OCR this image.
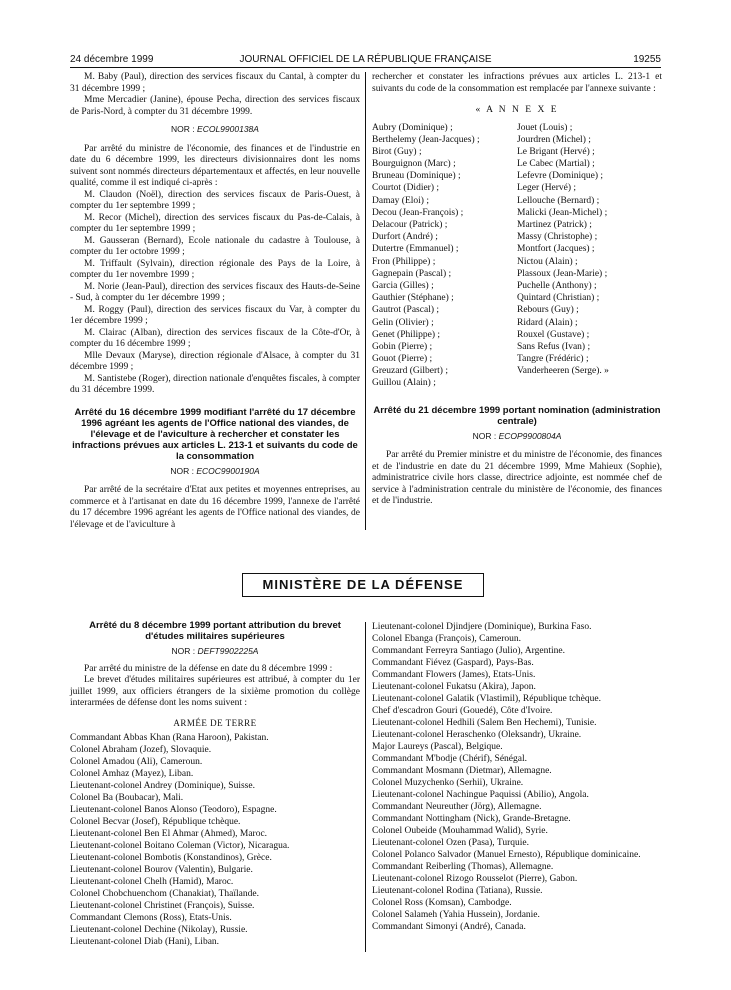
24 décembre 1999	JOURNAL OFFICIEL DE LA RÉPUBLIQUE FRANÇAISE	19255

M. Baby (Paul), direction des services fiscaux du Cantal, à compter du 31 décembre 1999 ;

Mme Mercadier (Janine), épouse Pecha, direction des services fiscaux de Paris-Nord, à compter du 31 décembre 1999.

NOR : ECOL9900138A

Par arrêté du ministre de l'économie, des finances et de l'industrie en date du 6 décembre 1999, les directeurs divisionnaires dont les noms suivent sont nommés directeurs départementaux et affectés, en leur nouvelle qualité, comme il est indiqué ci-après :

M. Claudon (Noël), direction des services fiscaux de Paris-Ouest, à compter du 1er septembre 1999 ;

M. Recor (Michel), direction des services fiscaux du Pas-de-Calais, à compter du 1er septembre 1999 ;

M. Gausseran (Bernard), Ecole nationale du cadastre à Toulouse, à compter du 1er octobre 1999 ;

M. Triffault (Sylvain), direction régionale des Pays de la Loire, à compter du 1er novembre 1999 ;

M. Norie (Jean-Paul), direction des services fiscaux des Hauts-de-Seine - Sud, à compter du 1er décembre 1999 ;

M. Roggy (Paul), direction des services fiscaux du Var, à compter du 1er décembre 1999 ;

M. Clairac (Alban), direction des services fiscaux de la Côte-d'Or, à compter du 16 décembre 1999 ;

Mlle Devaux (Maryse), direction régionale d'Alsace, à compter du 31 décembre 1999 ;

M. Santistebe (Roger), direction nationale d'enquêtes fiscales, à compter du 31 décembre 1999.

Arrêté du 16 décembre 1999 modifiant l'arrêté du 17 décembre 1996 agréant les agents de l'Office national des viandes, de l'élevage et de l'aviculture à rechercher et constater les infractions prévues aux articles L. 213-1 et suivants du code de la consommation
NOR : ECOC9900190A

Par arrêté de la secrétaire d'Etat aux petites et moyennes entreprises, au commerce et à l'artisanat en date du 16 décembre 1999, l'annexe de l'arrêté du 17 décembre 1996 agréant les agents de l'Office national des viandes, de l'élevage et de l'aviculture à

rechercher et constater les infractions prévues aux articles L. 213-1 et suivants du code de la consommation est remplacée par l'annexe suivante :

« A N N E X E
Aubry (Dominique) ;
Berthelemy (Jean-Jacques) ;
Birot (Guy) ;
Bourguignon (Marc) ;
Bruneau (Dominique) ;
Courtot (Didier) ;
Damay (Eloi) ;
Decou (Jean-François) ;
Delacour (Patrick) ;
Durfort (André) ;
Dutertre (Emmanuel) ;
Fron (Philippe) ;
Gagnepain (Pascal) ;
Garcia (Gilles) ;
Gauthier (Stéphane) ;
Gautrot (Pascal) ;
Gelin (Olivier) ;
Genet (Philippe) ;
Gobin (Pierre) ;
Gouot (Pierre) ;
Greuzard (Gilbert) ;
Guillou (Alain) ;
Jouet (Louis) ;
Jourdren (Michel) ;
Le Brigant (Hervé) ;
Le Cabec (Martial) ;
Lefevre (Dominique) ;
Leger (Hervé) ;
Lellouche (Bernard) ;
Malicki (Jean-Michel) ;
Martinez (Patrick) ;
Massy (Christophe) ;
Montfort (Jacques) ;
Nictou (Alain) ;
Plassoux (Jean-Marie) ;
Puchelle (Anthony) ;
Quintard (Christian) ;
Rebours (Guy) ;
Ridard (Alain) ;
Rouxel (Gustave) ;
Sans Refus (Ivan) ;
Tangre (Frédéric) ;
Vanderheeren (Serge). »
Arrêté du 21 décembre 1999 portant nomination (administration centrale)
NOR : ECOP9900804A

Par arrêté du Premier ministre et du ministre de l'économie, des finances et de l'industrie en date du 21 décembre 1999, Mme Mahieux (Sophie), administratrice civile hors classe, directrice adjointe, est nommée chef de service à l'administration centrale du ministère de l'économie, des finances et de l'industrie.

MINISTÈRE DE LA DÉFENSE
Arrêté du 8 décembre 1999 portant attribution du brevet d'études militaires supérieures
NOR : DEFT9902225A

Par arrêté du ministre de la défense en date du 8 décembre 1999 :

Le brevet d'études militaires supérieures est attribué, à compter du 1er juillet 1999, aux officiers étrangers de la sixième promotion du collège interarmées de défense dont les noms suivent :

ARMÉE DE TERRE
Commandant Abbas Khan (Rana Haroon), Pakistan.
Colonel Abraham (Jozef), Slovaquie.
Colonel Amadou (Ali), Cameroun.
Colonel Amhaz (Mayez), Liban.
Lieutenant-colonel Andrey (Dominique), Suisse.
Colonel Ba (Boubacar), Mali.
Lieutenant-colonel Banos Alonso (Teodoro), Espagne.
Colonel Becvar (Josef), République tchèque.
Lieutenant-colonel Ben El Ahmar (Ahmed), Maroc.
Lieutenant-colonel Boitano Coleman (Victor), Nicaragua.
Lieutenant-colonel Bombotis (Konstandinos), Grèce.
Lieutenant-colonel Bourov (Valentin), Bulgarie.
Lieutenant-colonel Chelh (Hamid), Maroc.
Colonel Chobchuenchom (Chanakiat), Thaïlande.
Lieutenant-colonel Christinet (François), Suisse.
Commandant Clemons (Ross), Etats-Unis.
Lieutenant-colonel Dechine (Nikolay), Russie.
Lieutenant-colonel Diab (Hani), Liban.
Lieutenant-colonel Djindjere (Dominique), Burkina Faso.
Colonel Ebanga (François), Cameroun.
Commandant Ferreyra Santiago (Julio), Argentine.
Commandant Fiévez (Gaspard), Pays-Bas.
Commandant Flowers (James), Etats-Unis.
Lieutenant-colonel Fukatsu (Akira), Japon.
Lieutenant-colonel Galatik (Vlastimil), République tchèque.
Chef d'escadron Gouri (Gouedé), Côte d'Ivoire.
Lieutenant-colonel Hedhili (Salem Ben Hechemi), Tunisie.
Lieutenant-colonel Heraschenko (Oleksandr), Ukraine.
Major Laureys (Pascal), Belgique.
Commandant M'bodje (Chérif), Sénégal.
Commandant Mosmann (Dietmar), Allemagne.
Colonel Muzychenko (Serhii), Ukraine.
Lieutenant-colonel Nachingue Paquissi (Abilio), Angola.
Commandant Neureuther (Jörg), Allemagne.
Commandant Nottingham (Nick), Grande-Bretagne.
Colonel Oubeide (Mouhammad Walid), Syrie.
Lieutenant-colonel Özen (Pasa), Turquie.
Colonel Polanco Salvador (Manuel Ernesto), République dominicaine.
Commandant Reiberling (Thomas), Allemagne.
Lieutenant-colonel Rizogo Rousselot (Pierre), Gabon.
Lieutenant-colonel Rodina (Tatiana), Russie.
Colonel Ross (Komsan), Cambodge.
Colonel Salameh (Yahia Hussein), Jordanie.
Commandant Simonyi (André), Canada.
